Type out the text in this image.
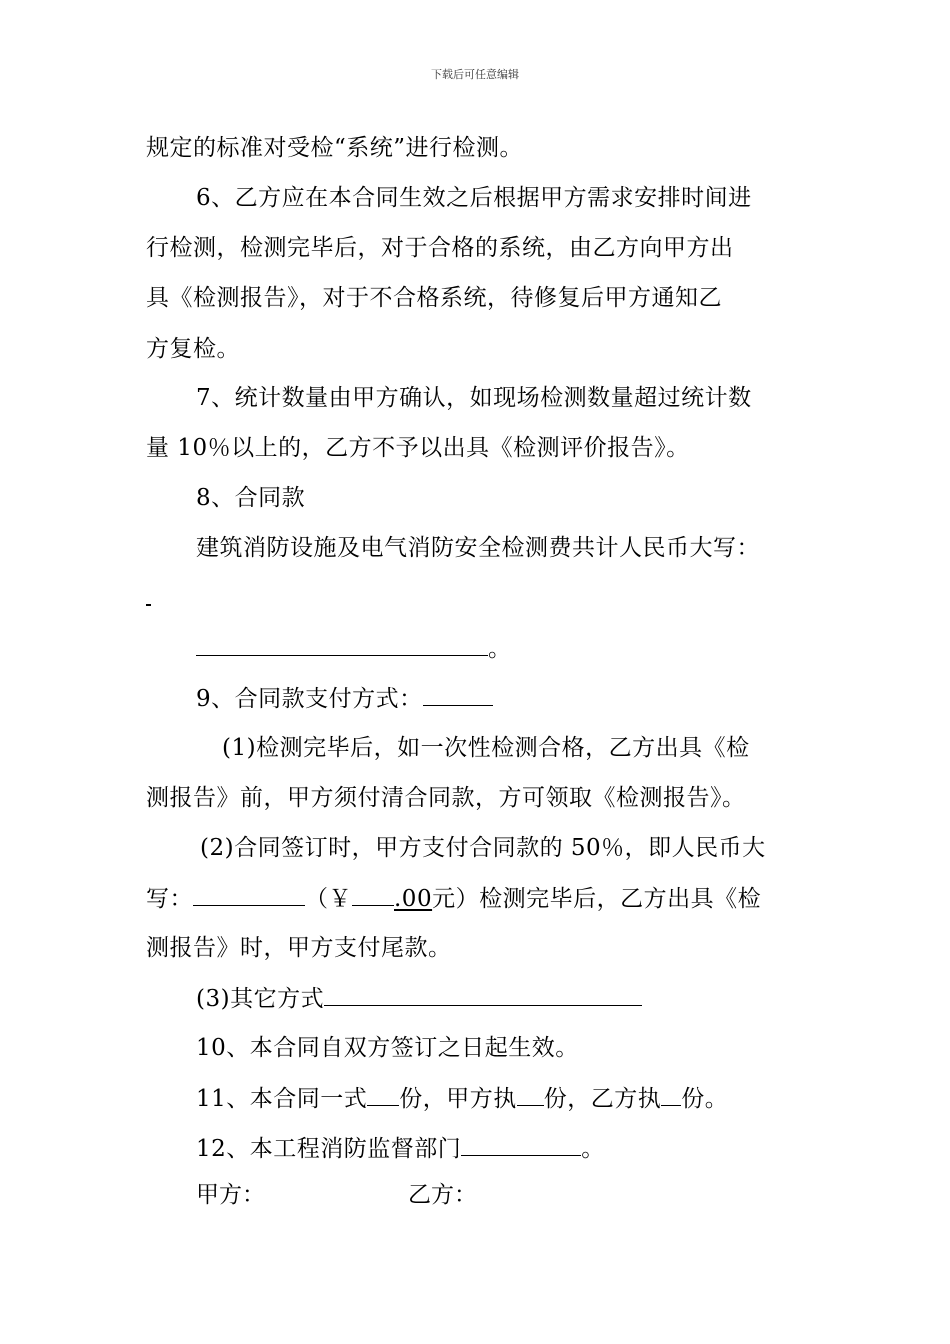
下载后可任意编辑
规定的标准对受检“系统”进行检测。
6、乙方应在本合同生效之后根据甲方需求安排时间进
行检测，检测完毕后，对于合格的系统，由乙方向甲方出
具《检测报告》，对于不合格系统，待修复后甲方通知乙
方复检。
7、统计数量由甲方确认，如现场检测数量超过统计数
量 10％以上的，乙方不予以出具《检测评价报告》。
8、合同款
建筑消防设施及电气消防安全检测费共计人民币大写：
。
9、合同款支付方式：
(1)检测完毕后，如一次性检测合格，乙方出具《检
测报告》前，甲方须付清合同款，方可领取《检测报告》。
(2)合同签订时，甲方支付合同款的 50％，即人民币大
写：	（￥ .00元）检测完毕后，乙方出具《检
测报告》时，甲方支付尾款。
(3)其它方式
10、本合同自双方签订之日起生效。
11、本合同一式 份，甲方执 份，乙方执 份。
12、本工程消防监督部门	。
甲方：	乙方：
